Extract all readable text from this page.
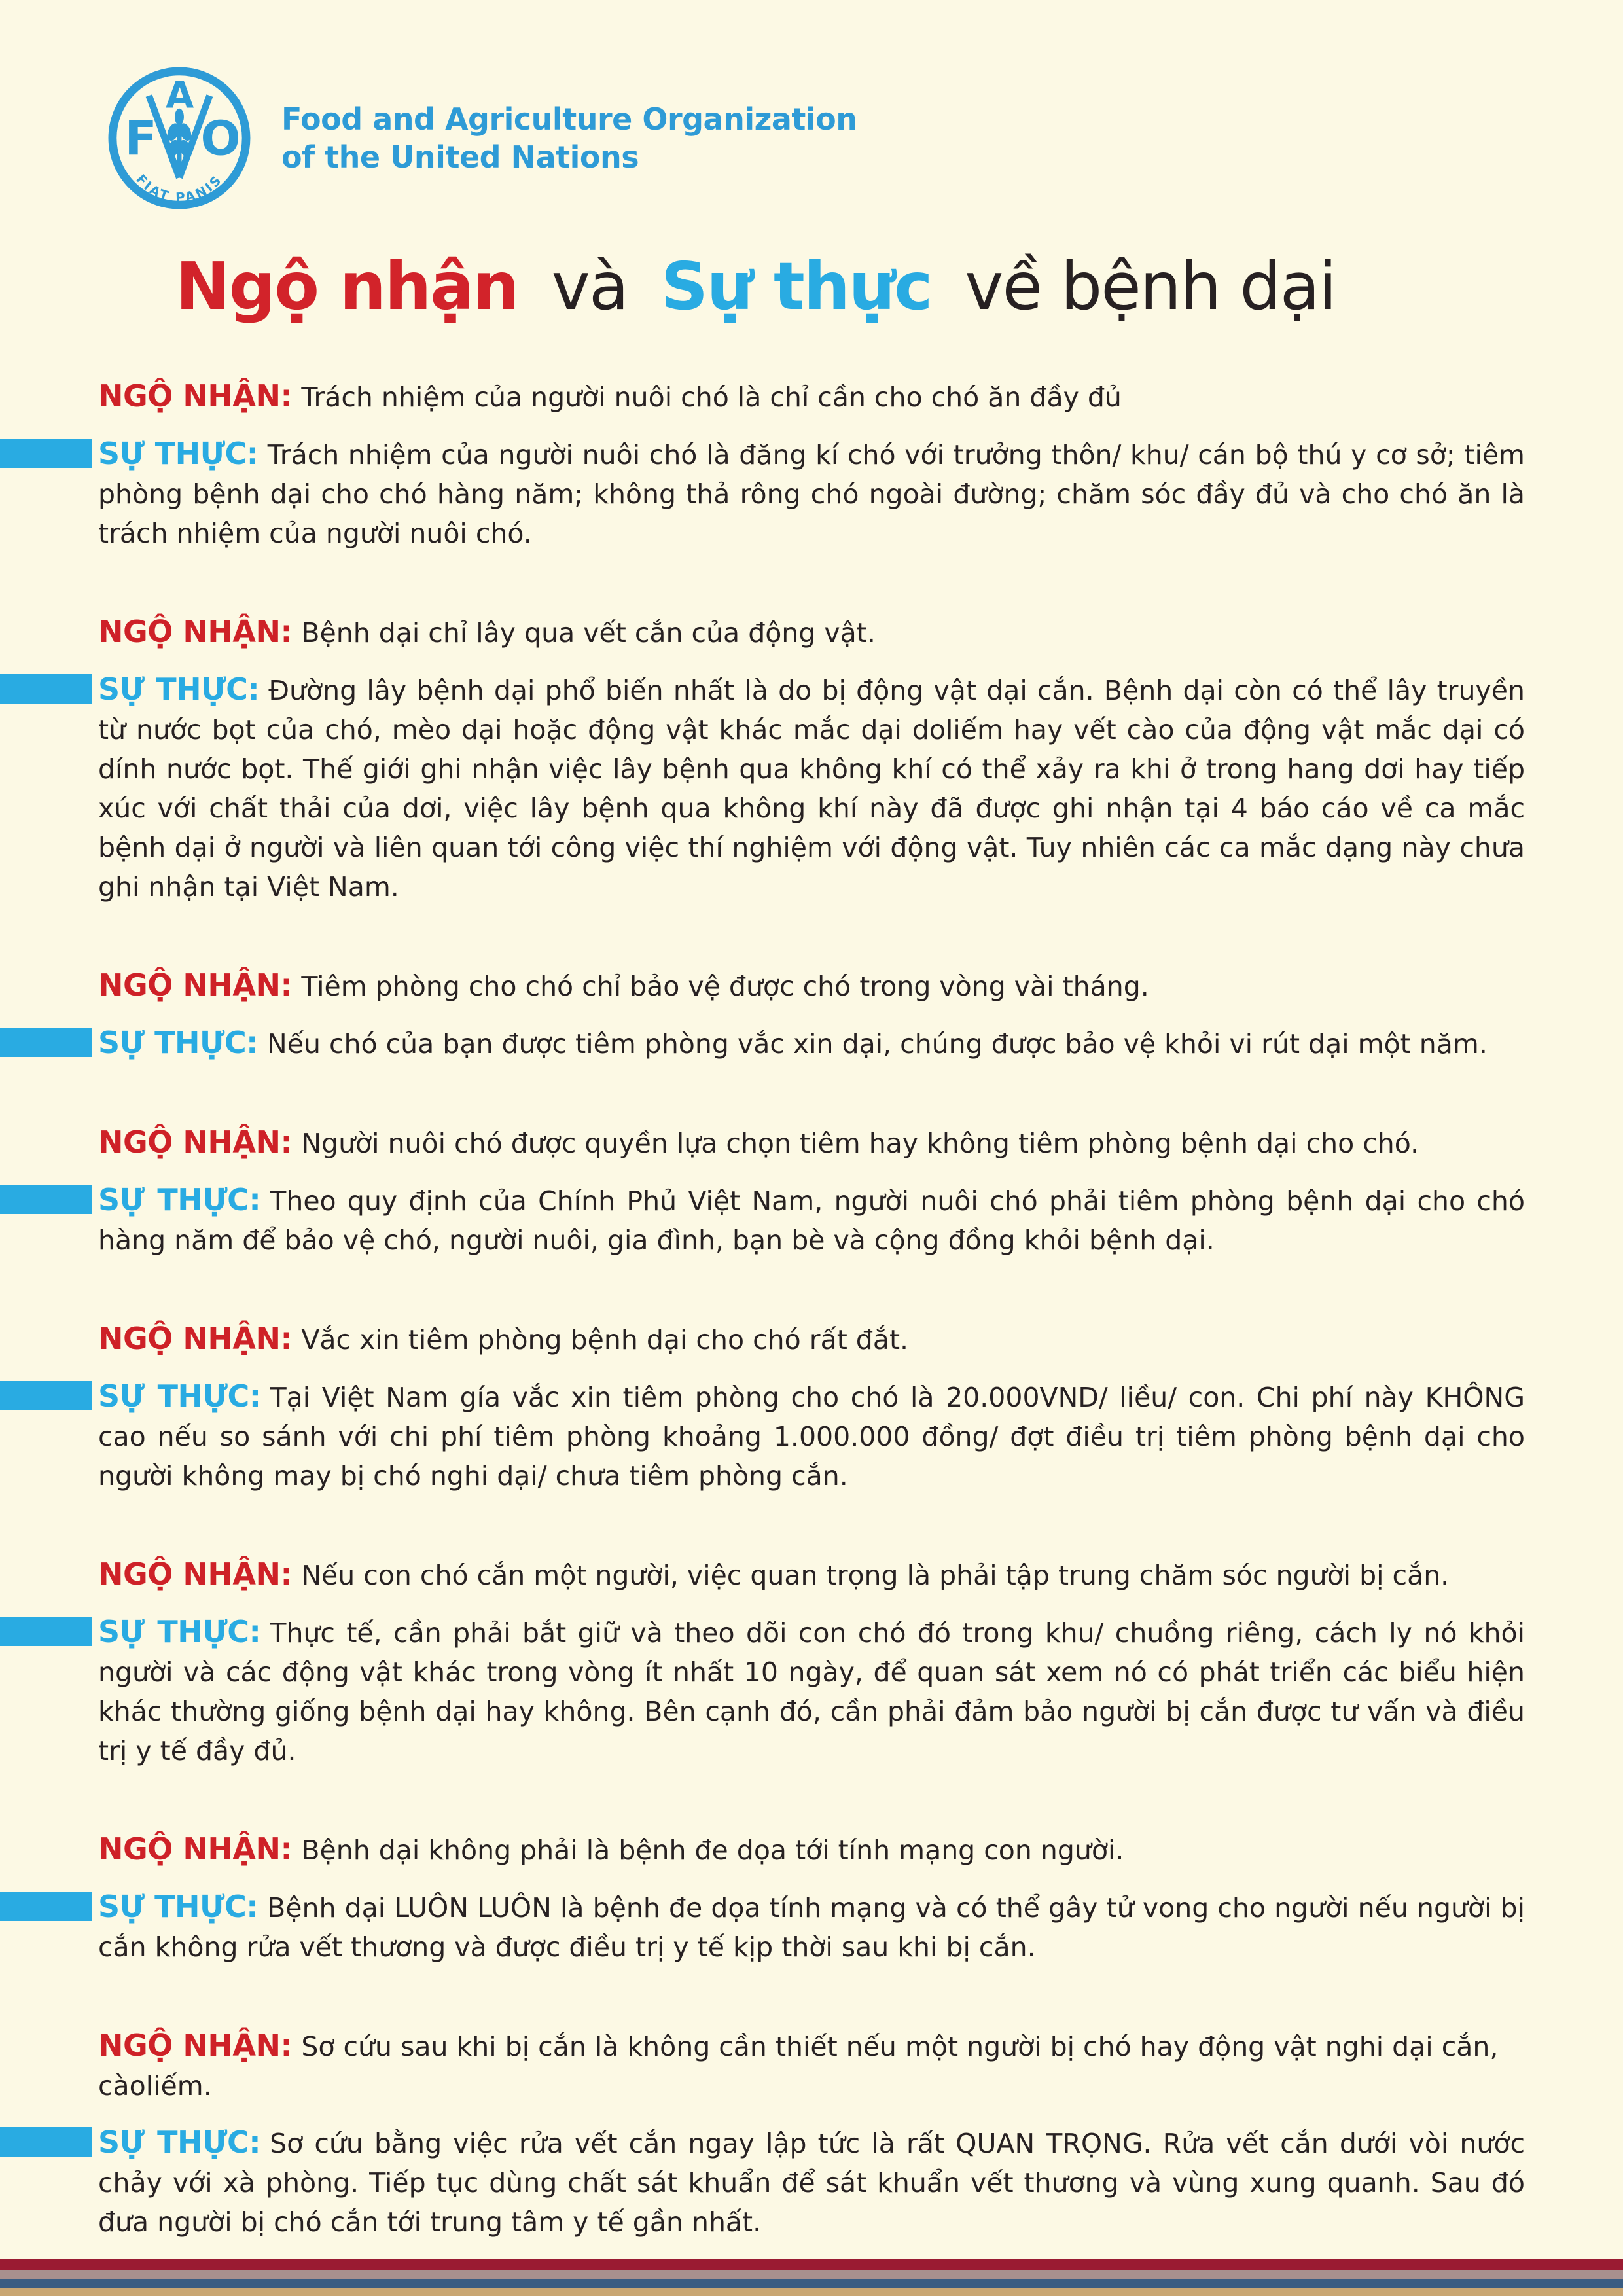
F O
A
FIAT PANIS
Food and Agriculture Organization
of the United Nations
Ngộ nhận và Sự thực về bệnh dại

NGỘ NHẬN: Trách nhiệm của người nuôi chó là chỉ cần cho chó ăn đầy đủ

SỰ THỰC: Trách nhiệm của người nuôi chó là đăng kí chó với trưởng thôn/ khu/ cán bộ thú y cơ sở; tiêm phòng bệnh dại cho chó hàng năm; không thả rông chó ngoài đường; chăm sóc đầy đủ và cho chó ăn là trách nhiệm của người nuôi chó.

NGỘ NHẬN: Bệnh dại chỉ lây qua vết cắn của động vật.

SỰ THỰC: Đường lây bệnh dại phổ biến nhất là do bị động vật dại cắn. Bệnh dại còn có thể lây truyền từ nước bọt của chó, mèo dại hoặc động vật khác mắc dại doliếm hay vết cào của động vật mắc dại có dính nước bọt. Thế giới ghi nhận việc lây bệnh qua không khí có thể xảy ra khi ở trong hang dơi hay tiếp xúc với chất thải của dơi, việc lây bệnh qua không khí này đã được ghi nhận tại 4 báo cáo về ca mắc bệnh dại ở người và liên quan tới công việc thí nghiệm với động vật. Tuy nhiên các ca mắc dạng này chưa ghi nhận tại Việt Nam.

NGỘ NHẬN: Tiêm phòng cho chó chỉ bảo vệ được chó trong vòng vài tháng.

SỰ THỰC: Nếu chó của bạn được tiêm phòng vắc xin dại, chúng được bảo vệ khỏi vi rút dại một năm.

NGỘ NHẬN: Người nuôi chó được quyền lựa chọn tiêm hay không tiêm phòng bệnh dại cho chó.

SỰ THỰC: Theo quy định của Chính Phủ Việt Nam, người nuôi chó phải tiêm phòng bệnh dại cho chó hàng năm để bảo vệ chó, người nuôi, gia đình, bạn bè và cộng đồng khỏi bệnh dại.

NGỘ NHẬN: Vắc xin tiêm phòng bệnh dại cho chó rất đắt.

SỰ THỰC: Tại Việt Nam gía vắc xin tiêm phòng cho chó là 20.000VND/ liều/ con. Chi phí này KHÔNG cao nếu so sánh với chi phí tiêm phòng khoảng 1.000.000 đồng/ đợt điều trị tiêm phòng bệnh dại cho người không may bị chó nghi dại/ chưa tiêm phòng cắn.

NGỘ NHẬN: Nếu con chó cắn một người, việc quan trọng là phải tập trung chăm sóc người bị cắn.

SỰ THỰC: Thực tế, cần phải bắt giữ và theo dõi con chó đó trong khu/ chuồng riêng, cách ly nó khỏi người và các động vật khác trong vòng ít nhất 10 ngày, để quan sát xem nó có phát triển các biểu hiện khác thường giống bệnh dại hay không. Bên cạnh đó, cần phải đảm bảo người bị cắn được tư vấn và điều trị y tế đầy đủ.

NGỘ NHẬN: Bệnh dại không phải là bệnh đe dọa tới tính mạng con người.

SỰ THỰC: Bệnh dại LUÔN LUÔN là bệnh đe dọa tính mạng và có thể gây tử vong cho người nếu người bị cắn không rửa vết thương và được điều trị y tế kịp thời sau khi bị cắn.

NGỘ NHẬN: Sơ cứu sau khi bị cắn là không cần thiết nếu một người bị chó hay động vật nghi dại cắn, càoliếm.

SỰ THỰC: Sơ cứu bằng việc rửa vết cắn ngay lập tức là rất QUAN TRỌNG. Rửa vết cắn dưới vòi nước chảy với xà phòng. Tiếp tục dùng chất sát khuẩn để sát khuẩn vết thương và vùng xung quanh. Sau đó đưa người bị chó cắn tới trung tâm y tế gần nhất.
